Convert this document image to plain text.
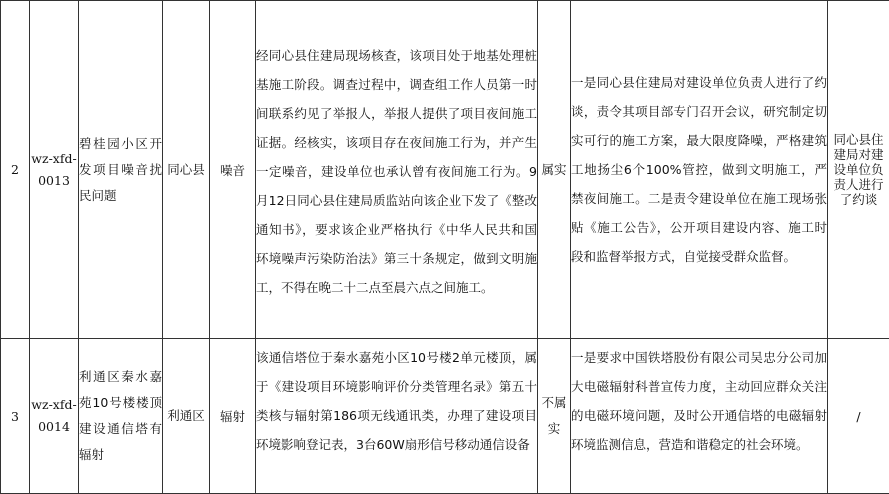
2	wz-xfd-0013	碧桂园小区开发项目噪音扰民问题	同心县	噪音	经同心县住建局现场核查，该项目处于地基处理桩基施工阶段。调查过程中，调查组工作人员第一时间联系约见了举报人，举报人提供了项目夜间施工证据。经核实，该项目存在夜间施工行为，并产生一定噪音，建设单位也承认曾有夜间施工行为。9月12日同心县住建局质监站向该企业下发了《整改通知书》，要求该企业严格执行《中华人民共和国环境噪声污染防治法》第三十条规定，做到文明施工，不得在晚二十二点至晨六点之间施工。	属实	一是同心县住建局对建设单位负责人进行了约谈，责令其项目部专门召开会议，研究制定切实可行的施工方案，最大限度降噪，严格建筑工地扬尘6个100%管控，做到文明施工，严禁夜间施工。二是责令建设单位在施工现场张贴《施工公告》，公开项目建设内容、施工时段和监督举报方式，自觉接受群众监督。	同心县住建局对建设单位负责人进行了约谈
3	wz-xfd-0014	利通区秦水嘉苑10号楼楼顶建设通信塔有辐射	利通区	辐射	该通信塔位于秦水嘉苑小区10号楼2单元楼顶，属于《建设项目环境影响评价分类管理名录》第五十类核与辐射第186项无线通讯类，办理了建设项目环境影响登记表，3台60W扇形信号移动通信设备	不属实	一是要求中国铁塔股份有限公司吴忠分公司加大电磁辐射科普宣传力度，主动回应群众关注的电磁环境问题，及时公开通信塔的电磁辐射环境监测信息，营造和谐稳定的社会环境。	/
